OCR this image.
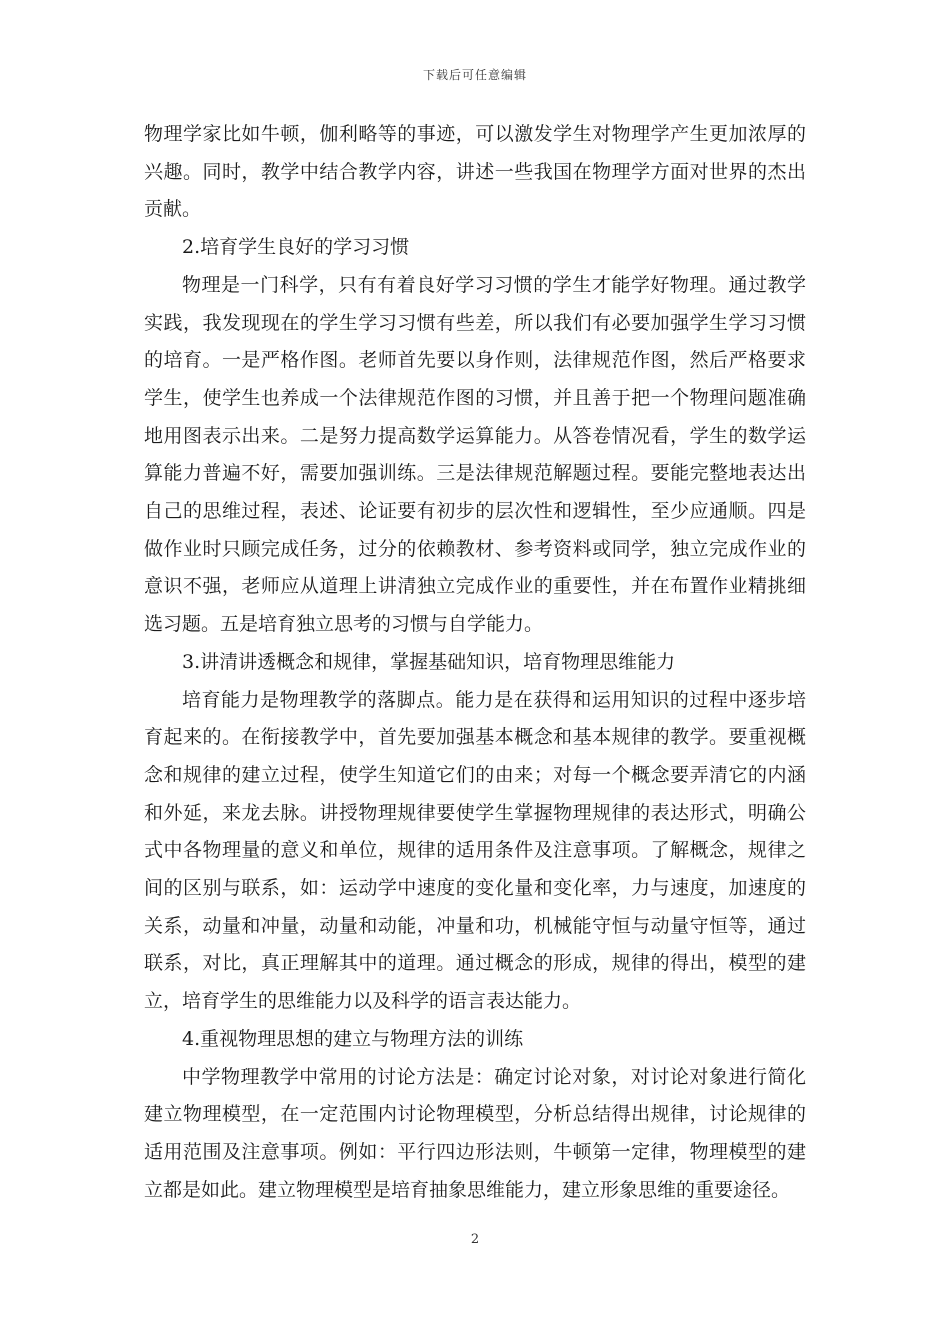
下载后可任意编辑

物理学家比如牛顿，伽利略等的事迹，可以激发学生对物理学产生更加浓厚的兴趣。同时，教学中结合教学内容，讲述一些我国在物理学方面对世界的杰出贡献。

2.培育学生良好的学习习惯

物理是一门科学，只有有着良好学习习惯的学生才能学好物理。通过教学实践，我发现现在的学生学习习惯有些差，所以我们有必要加强学生学习习惯的培育。一是严格作图。老师首先要以身作则，法律规范作图，然后严格要求学生，使学生也养成一个法律规范作图的习惯，并且善于把一个物理问题准确地用图表示出来。二是努力提高数学运算能力。从答卷情况看，学生的数学运算能力普遍不好，需要加强训练。三是法律规范解题过程。要能完整地表达出自己的思维过程，表述、论证要有初步的层次性和逻辑性，至少应通顺。四是做作业时只顾完成任务，过分的依赖教材、参考资料或同学，独立完成作业的意识不强，老师应从道理上讲清独立完成作业的重要性，并在布置作业精挑细选习题。五是培育独立思考的习惯与自学能力。

3.讲清讲透概念和规律，掌握基础知识，培育物理思维能力

培育能力是物理教学的落脚点。能力是在获得和运用知识的过程中逐步培育起来的。在衔接教学中，首先要加强基本概念和基本规律的教学。要重视概念和规律的建立过程，使学生知道它们的由来；对每一个概念要弄清它的内涵和外延，来龙去脉。讲授物理规律要使学生掌握物理规律的表达形式，明确公式中各物理量的意义和单位，规律的适用条件及注意事项。了解概念，规律之间的区别与联系，如：运动学中速度的变化量和变化率，力与速度，加速度的关系，动量和冲量，动量和动能，冲量和功，机械能守恒与动量守恒等，通过联系，对比，真正理解其中的道理。通过概念的形成，规律的得出，模型的建立，培育学生的思维能力以及科学的语言表达能力。

4.重视物理思想的建立与物理方法的训练

中学物理教学中常用的讨论方法是：确定讨论对象，对讨论对象进行简化建立物理模型，在一定范围内讨论物理模型，分析总结得出规律，讨论规律的适用范围及注意事项。例如：平行四边形法则，牛顿第一定律，物理模型的建立都是如此。建立物理模型是培育抽象思维能力，建立形象思维的重要途径。

2
